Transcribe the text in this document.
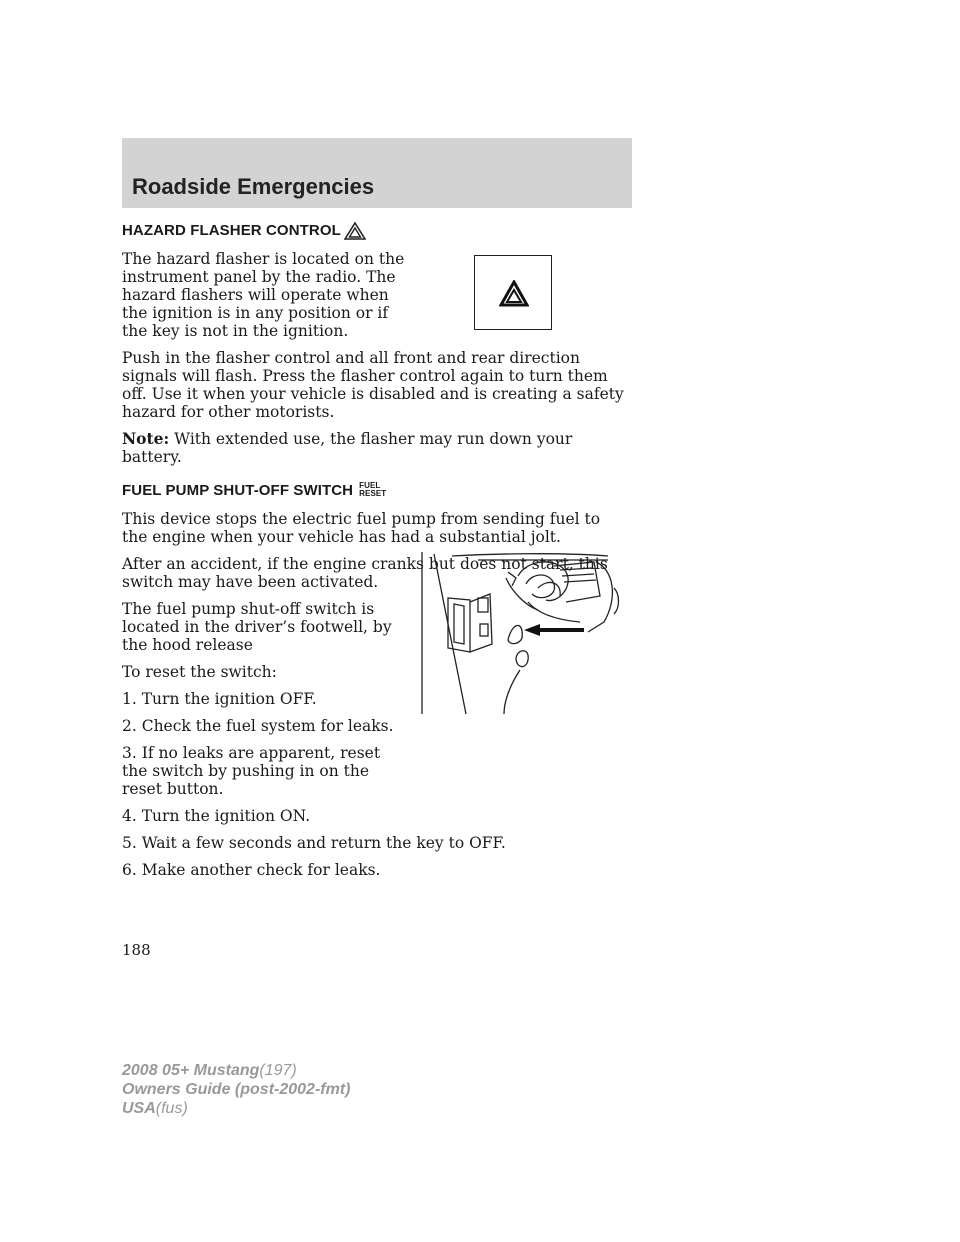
Roadside Emergencies
HAZARD FLASHER CONTROL

The hazard flasher is located on the instrument panel by the radio. The hazard flashers will operate when the ignition is in any position or if the key is not in the ignition.

Push in the flasher control and all front and rear direction signals will flash. Press the flasher control again to turn them off. Use it when your vehicle is disabled and is creating a safety hazard for other motorists.

Note: With extended use, the flasher may run down your battery.

FUEL PUMP SHUT-OFF SWITCH FUEL
RESET

This device stops the electric fuel pump from sending fuel to the engine when your vehicle has had a substantial jolt.

After an accident, if the engine cranks but does not start, this switch may have been activated.

The fuel pump shut-off switch is located in the driver’s footwell, by the hood release

To reset the switch:

1. Turn the ignition OFF.

2. Check the fuel system for leaks.

3. If no leaks are apparent, reset the switch by pushing in on the reset button.

4. Turn the ignition ON.

5. Wait a few seconds and return the key to OFF.

6. Make another check for leaks.

188
2008 05+ Mustang(197)
Owners Guide (post-2002-fmt)
USA(fus)
